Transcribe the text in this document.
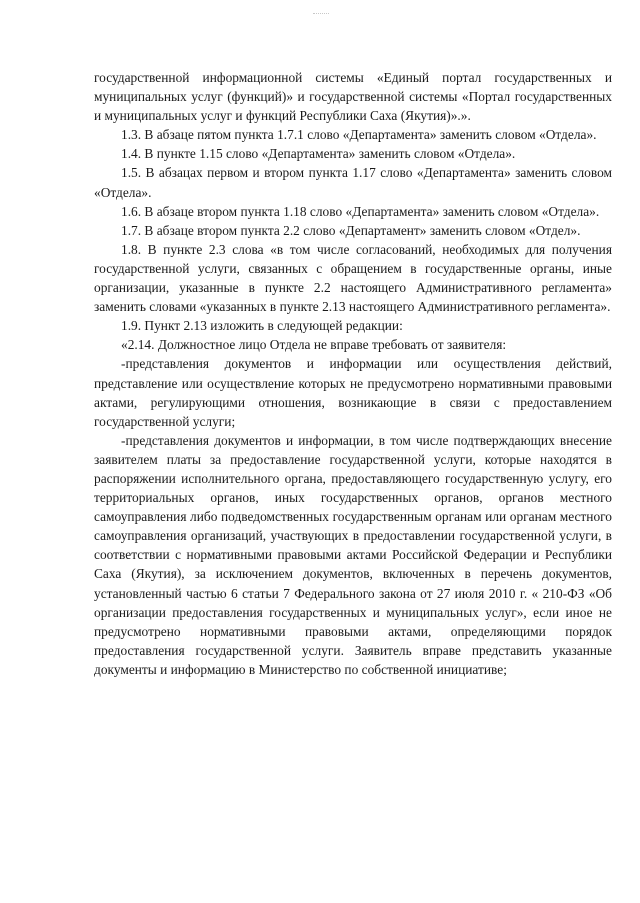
государственной информационной системы «Единый портал государственных и муниципальных услуг (функций)» и государственной системы «Портал государственных и муниципальных услуг и функций Республики Саха (Якутия)».».

1.3. В абзаце пятом пункта 1.7.1 слово «Департамента» заменить словом «Отдела».

1.4. В пункте 1.15 слово «Департамента» заменить словом «Отдела».

1.5. В абзацах первом и втором пункта 1.17 слово «Департамента» заменить словом «Отдела».

1.6. В абзаце втором пункта 1.18 слово «Департамента» заменить словом «Отдела».

1.7. В абзаце втором пункта 2.2 слово «Департамент» заменить словом «Отдел».

1.8. В пункте 2.3 слова «в том числе согласований, необходимых для получения государственной услуги, связанных с обращением в государственные органы, иные организации, указанные в пункте 2.2 настоящего Административного регламента» заменить словами «указанных в пункте 2.13 настоящего Административного регламента».

1.9. Пункт 2.13 изложить в следующей редакции:

«2.14. Должностное лицо Отдела не вправе требовать от заявителя:

-представления документов и информации или осуществления действий, представление или осуществление которых не предусмотрено нормативными правовыми актами, регулирующими отношения, возникающие в связи с предоставлением государственной услуги;

-представления документов и информации, в том числе подтверждающих внесение заявителем платы за предоставление государственной услуги, которые находятся в распоряжении исполнительного органа, предоставляющего государственную услугу, его территориальных органов, иных государственных органов, органов местного самоуправления либо подведомственных государственным органам или органам местного самоуправления организаций, участвующих в предоставлении государственной услуги, в соответствии с нормативными правовыми актами Российской Федерации и Республики Саха (Якутия), за исключением документов, включенных в перечень документов, установленный частью 6 статьи 7 Федерального закона от 27 июля 2010 г. « 210-ФЗ «Об организации предоставления государственных и муниципальных услуг», если иное не предусмотрено нормативными правовыми актами, определяющими порядок предоставления государственной услуги. Заявитель вправе представить указанные документы и информацию в Министерство по собственной инициативе;
